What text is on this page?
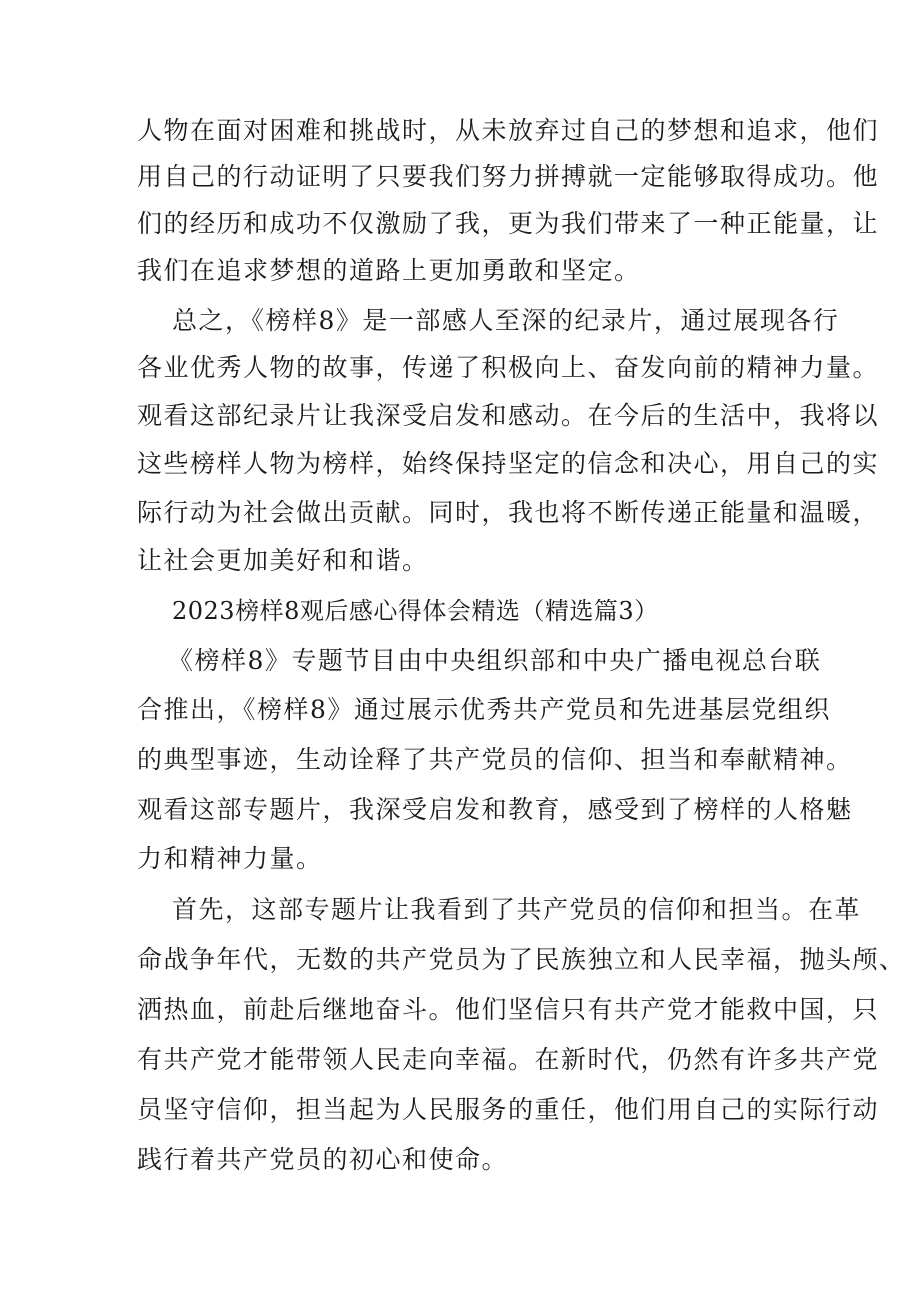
人物在面对困难和挑战时，从未放弃过自己的梦想和追求，他们
用自己的行动证明了只要我们努力拼搏就一定能够取得成功。他
们的经历和成功不仅激励了我，更为我们带来了一种正能量，让
我们在追求梦想的道路上更加勇敢和坚定。
总之，《榜样8》是一部感人至深的纪录片，通过展现各行
各业优秀人物的故事，传递了积极向上、奋发向前的精神力量。
观看这部纪录片让我深受启发和感动。在今后的生活中，我将以
这些榜样人物为榜样，始终保持坚定的信念和决心，用自己的实
际行动为社会做出贡献。同时，我也将不断传递正能量和温暖，
让社会更加美好和和谐。
2023榜样8观后感心得体会精选（精选篇3）
《榜样8》专题节目由中央组织部和中央广播电视总台联
合推出，《榜样8》通过展示优秀共产党员和先进基层党组织
的典型事迹，生动诠释了共产党员的信仰、担当和奉献精神。
观看这部专题片，我深受启发和教育，感受到了榜样的人格魅
力和精神力量。
首先，这部专题片让我看到了共产党员的信仰和担当。在革
命战争年代，无数的共产党员为了民族独立和人民幸福，抛头颅、
洒热血，前赴后继地奋斗。他们坚信只有共产党才能救中国，只
有共产党才能带领人民走向幸福。在新时代，仍然有许多共产党
员坚守信仰，担当起为人民服务的重任，他们用自己的实际行动
践行着共产党员的初心和使命。
